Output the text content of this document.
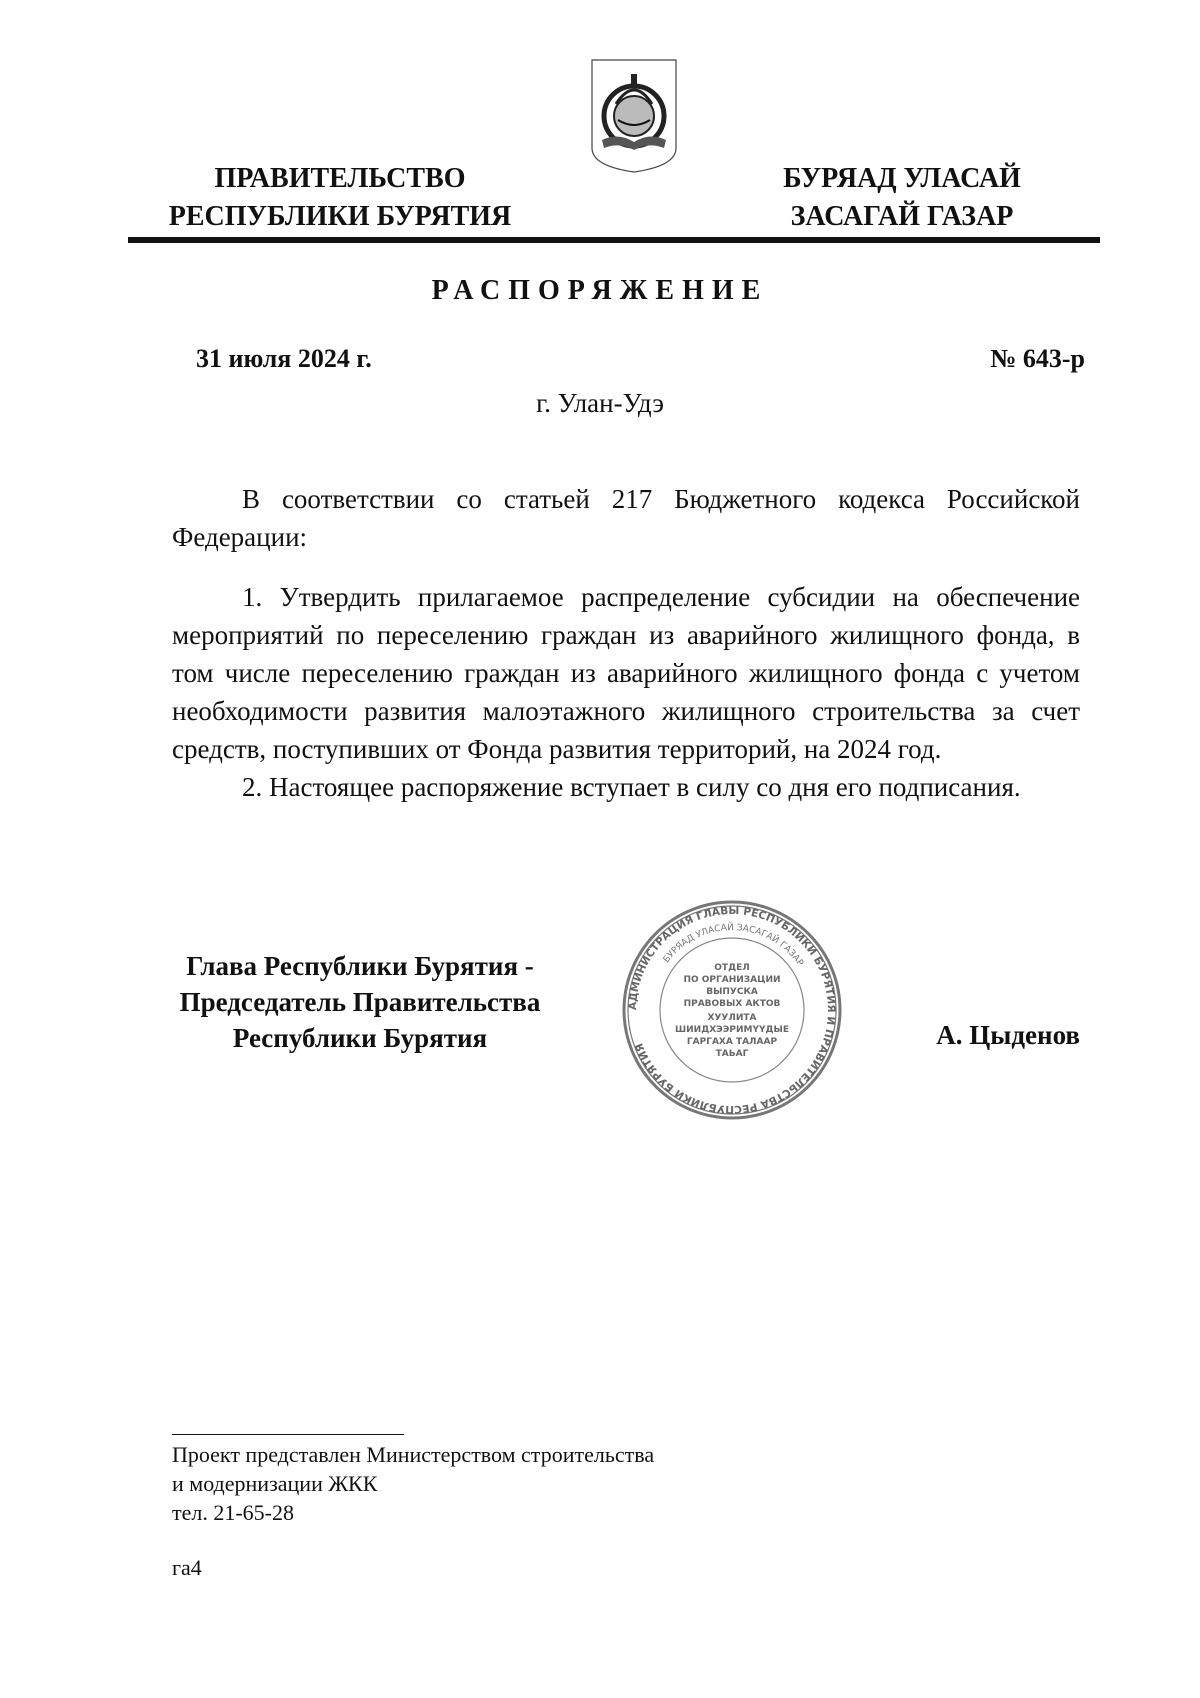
ПРАВИТЕЛЬСТВО
РЕСПУБЛИКИ БУРЯТИЯ
БУРЯАД УЛАСАЙ
ЗАСАГАЙ ГАЗАР
РАСПОРЯЖЕНИЕ
31 июля 2024 г.	№ 643-р
г. Улан-Удэ

В соответствии со статьей 217 Бюджетного кодекса Российской Федерации:

1. Утвердить прилагаемое распределение субсидии на обеспечение мероприятий по переселению граждан из аварийного жилищного фонда, в том числе переселению граждан из аварийного жилищного фонда с учетом необходимости развития малоэтажного жилищного строительства за счет средств, поступивших от Фонда развития территорий, на 2024 год.

2. Настоящее распоряжение вступает в силу со дня его подписания.

Глава Республики Бурятия -
Председатель Правительства
Республики Бурятия
АДМИНИСТРАЦИЯ ГЛАВЫ РЕСПУБЛИКИ БУРЯТИЯ И ПРАВИТЕЛЬСТВА РЕСПУБЛИКИ БУРЯТИЯ
БУРЯАД УЛАСАЙ ЗАСАГАЙ ГАЗАР
ОТДЕЛ
ПО ОРГАНИЗАЦИИ
ВЫПУСКА
ПРАВОВЫХ АКТОВ
ХУУЛИТА
ШИИДХЭЭРИМҮҮДЫЕ
ГАРГАХА ТАЛААР
ТАЬАГ
А. Цыденов
Проект представлен Министерством строительства
и модернизации ЖКК
тел. 21-65-28
га4
